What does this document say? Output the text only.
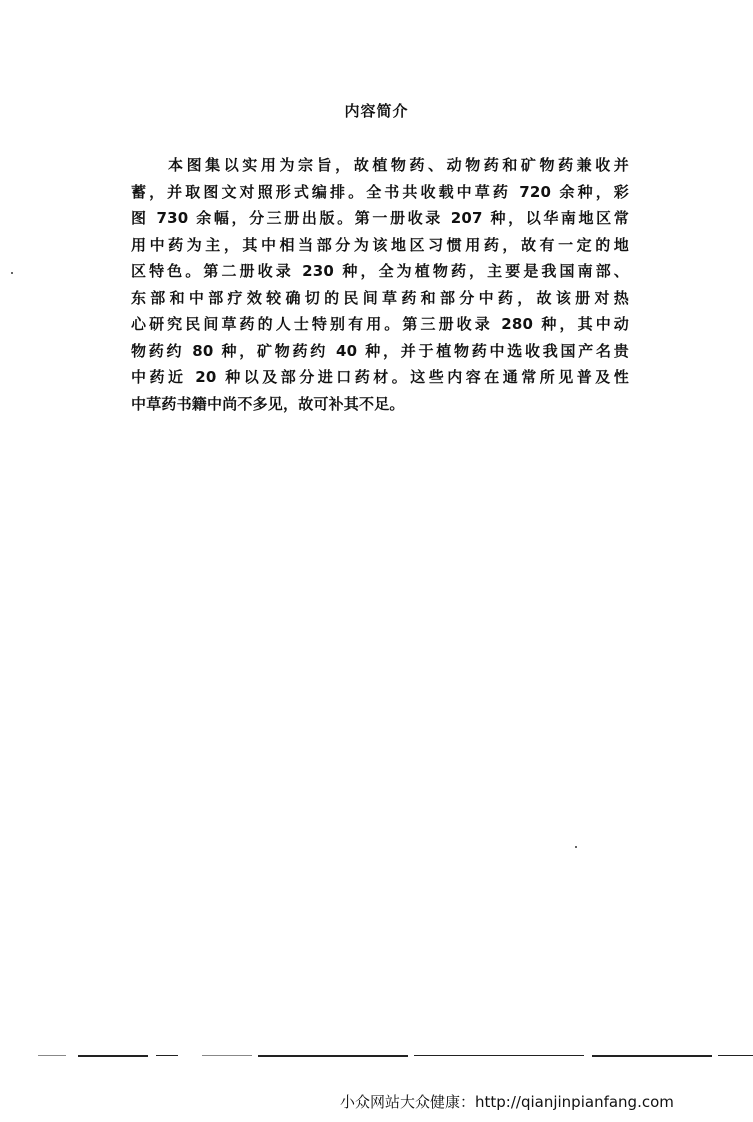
内容简介
本图集以实用为宗旨，故植物药、动物药和矿物药兼收并
蓄，并取图文对照形式编排。全书共收载中草药 720 余种，彩
图 730 余幅，分三册出版。第一册收录 207 种，以华南地区常
用中药为主，其中相当部分为该地区习惯用药，故有一定的地
区特色。第二册收录 230 种，全为植物药，主要是我国南部、
东部和中部疗效较确切的民间草药和部分中药，故该册对热
心研究民间草药的人士特别有用。第三册收录 280 种，其中动
物药约 80 种，矿物药约 40 种，并于植物药中选收我国产名贵
中药近 20 种以及部分进口药材。这些内容在通常所见普及性
中草药书籍中尚不多见，故可补其不足。
小众网站大众健康：http://qianjinpianfang.com
